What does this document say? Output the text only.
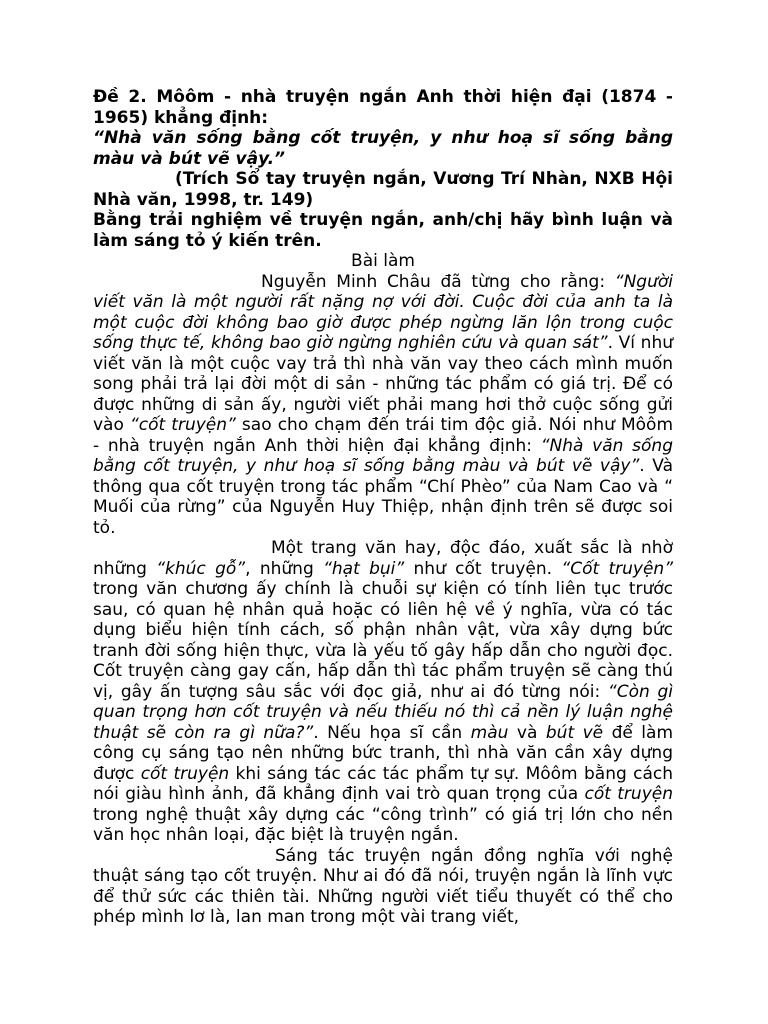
Đề 2. Môôm - nhà truyện ngắn Anh thời hiện đại (1874 - 1965) khẳng định:

“Nhà văn sống bằng cốt truyện, y như hoạ sĩ sống bằng màu và bút vẽ vậy.”

(Trích Sổ tay truyện ngắn, Vương Trí Nhàn, NXB Hội Nhà văn, 1998, tr. 149)

Bằng trải nghiệm về truyện ngắn, anh/chị hãy bình luận và làm sáng tỏ ý kiến trên.

Bài làm

Nguyễn Minh Châu đã từng cho rằng: “Người viết văn là một người rất nặng nợ với đời. Cuộc đời của anh ta là một cuộc đời không bao giờ được phép ngừng lăn lộn trong cuộc sống thực tế, không bao giờ ngừng nghiên cứu và quan sát”. Ví như viết văn là một cuộc vay trả thì nhà văn vay theo cách mình muốn song phải trả lại đời một di sản - những tác phẩm có giá trị. Để có được những di sản ấy, người viết phải mang hơi thở cuộc sống gửi vào “cốt truyện” sao cho chạm đến trái tim độc giả. Nói như Môôm - nhà truyện ngắn Anh thời hiện đại khẳng định: “Nhà văn sống bằng cốt truyện, y như hoạ sĩ sống bằng màu và bút vẽ vậy”. Và thông qua cốt truyện trong tác phẩm “Chí Phèo” của Nam Cao và “ Muối của rừng” của Nguyễn Huy Thiệp, nhận định trên sẽ được soi tỏ.

Một trang văn hay, độc đáo, xuất sắc là nhờ những “khúc gỗ”, những “hạt bụi” như cốt truyện. “Cốt truyện” trong văn chương ấy chính là chuỗi sự kiện có tính liên tục trước sau, có quan hệ nhân quả hoặc có liên hệ về ý nghĩa, vừa có tác dụng biểu hiện tính cách, số phận nhân vật, vừa xây dựng bức tranh đời sống hiện thực, vừa là yếu tố gây hấp dẫn cho người đọc. Cốt truyện càng gay cấn, hấp dẫn thì tác phẩm truyện sẽ càng thú vị, gây ấn tượng sâu sắc với đọc giả, như ai đó từng nói: “Còn gì quan trọng hơn cốt truyện và nếu thiếu nó thì cả nền lý luận nghệ thuật sẽ còn ra gì nữa?”. Nếu họa sĩ cần màu và bút vẽ để làm công cụ sáng tạo nên những bức tranh, thì nhà văn cần xây dựng được cốt truyện khi sáng tác các tác phẩm tự sự. Môôm bằng cách nói giàu hình ảnh, đã khẳng định vai trò quan trọng của cốt truyện trong nghệ thuật xây dựng các “công trình” có giá trị lớn cho nền văn học nhân loại, đặc biệt là truyện ngắn.

Sáng tác truyện ngắn đồng nghĩa với nghệ thuật sáng tạo cốt truyện. Như ai đó đã nói, truyện ngắn là lĩnh vực để thử sức các thiên tài. Những người viết tiểu thuyết có thể cho phép mình lơ là, lan man trong một vài trang viết,
